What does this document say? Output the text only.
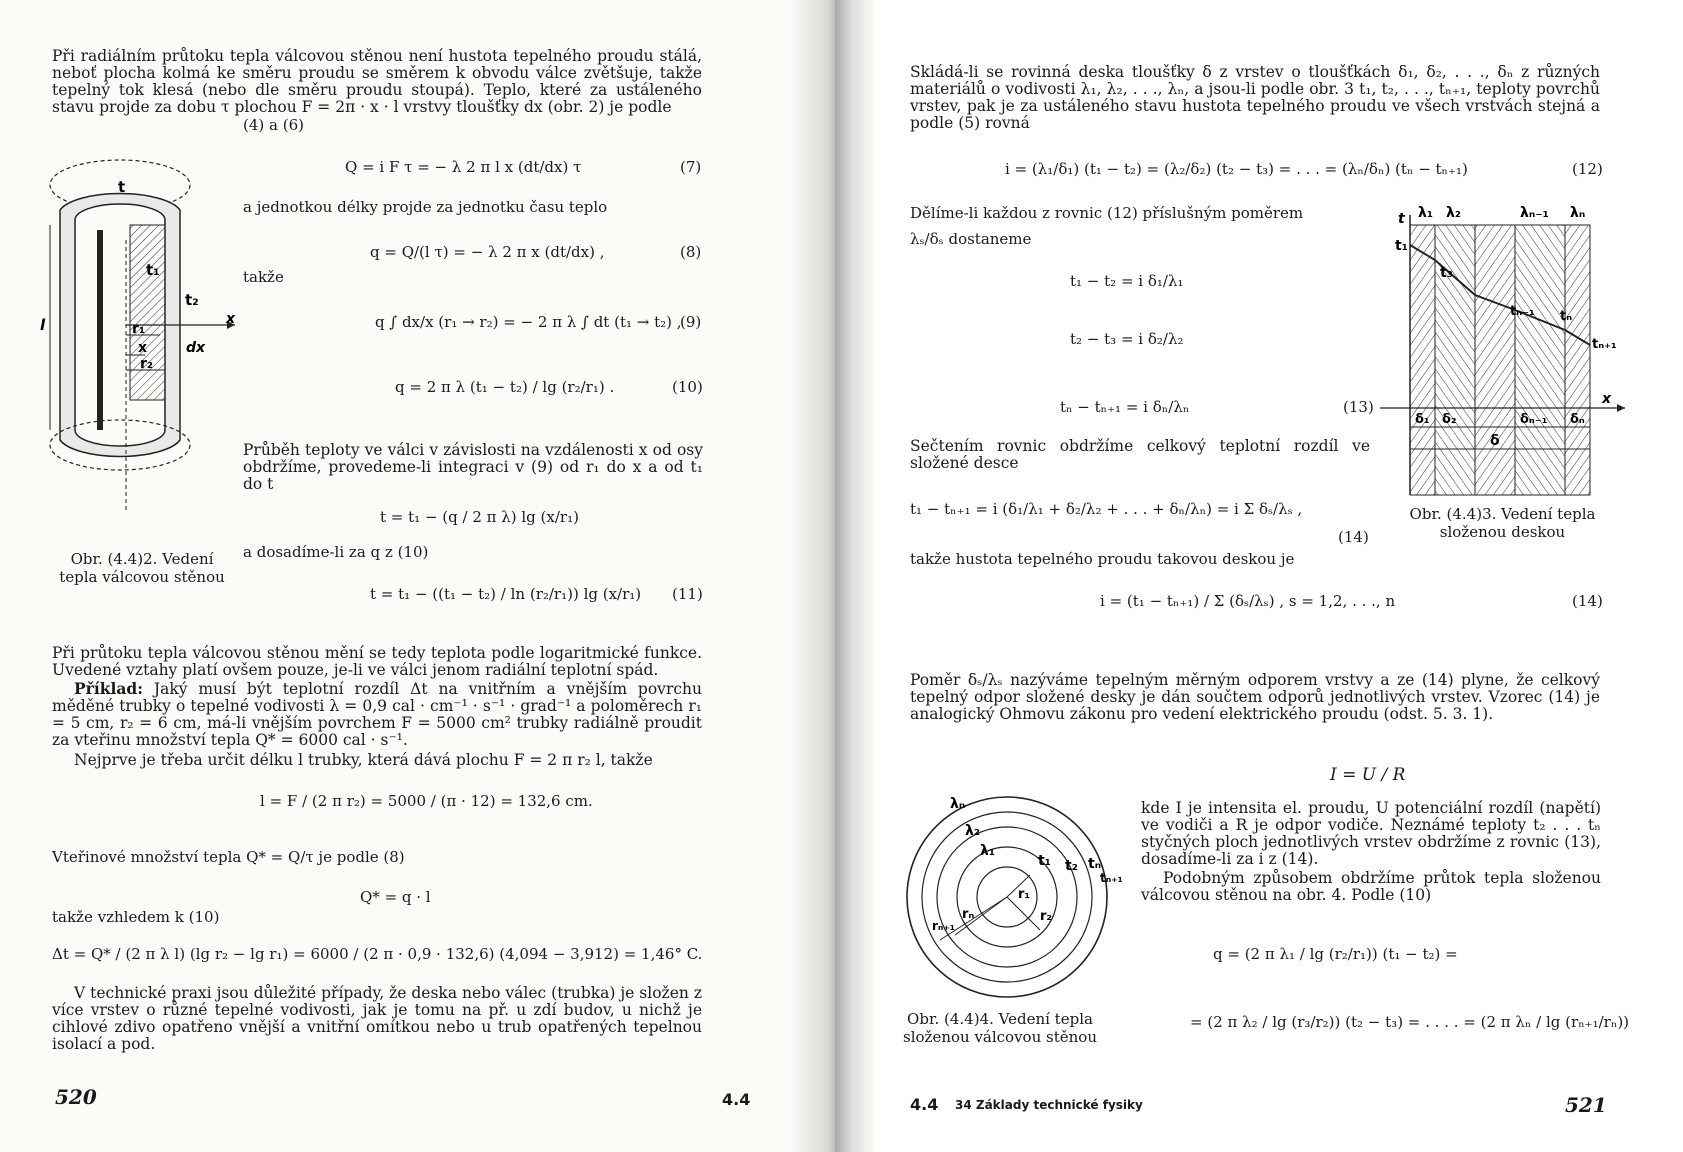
Při radiálním průtoku tepla válcovou stěnou není hustota tepelného proudu stálá, neboť plocha kolmá ke směru proudu se směrem k obvodu válce zvětšuje, takže tepelný tok klesá (nebo dle směru proudu stoupá). Teplo, které za ustáleného stavu projde za dobu τ plochou F = 2π · x · l vrstvy tloušťky dx (obr. 2) je podle

(4) a (6)

t
t₁
t₂
r₁
x
x	dx
r₂
l
Q = i F τ = − λ 2 π l x (dt/dx) τ	(7)

a jednotkou délky projde za jednotku času teplo

q = Q/(l τ) = − λ 2 π x (dt/dx) ,	(8)

takže

q ∫ dx/x (r₁ → r₂) = − 2 π λ ∫ dt (t₁ → t₂) ,
(9)
q = 2 π λ (t₁ − t₂) / lg (r₂/r₁) .	(10)

Průběh teploty ve válci v závislosti na vzdálenosti x od osy obdržíme, provedeme-li integraci v (9) od r₁ do x a od t₁ do t

t = t₁ − (q / 2 π λ) lg (x/r₁)

a dosadíme-li za q z (10)

t = t₁ − ((t₁ − t₂) / ln (r₂/r₁)) lg (x/r₁) (11)

Obr. (4.4)2. Vedení tepla válcovou stěnou

Při průtoku tepla válcovou stěnou mění se tedy teplota podle logaritmické funkce. Uvedené vztahy platí ovšem pouze, je-li ve válci jenom radiální teplotní spád.

Příklad: Jaký musí být teplotní rozdíl Δt na vnitřním a vnějším povrchu měděné trubky o tepelné vodivosti λ = 0,9 cal · cm⁻¹ · s⁻¹ · grad⁻¹ a poloměrech r₁ = 5 cm, r₂ = 6 cm, má-li vnějším povrchem F = 5000 cm² trubky radiálně proudit za vteřinu množství tepla Q* = 6000 cal · s⁻¹.

Nejprve je třeba určit délku l trubky, která dává plochu F = 2 π r₂ l, takže

l = F / (2 π r₂) = 5000 / (π · 12) = 132,6 cm.

Vteřinové množství tepla Q* = Q/τ je podle (8)

Q* = q · l

takže vzhledem k (10)

Δt = Q* / (2 π λ l) (lg r₂ − lg r₁) = 6000 / (2 π · 0,9 · 132,6) (4,094 − 3,912) = 1,46° C.

V technické praxi jsou důležité případy, že deska nebo válec (trubka) je složen z více vrstev o různé tepelné vodivosti, jak je tomu na př. u zdí budov, u nichž je cihlové zdivo opatřeno vnější a vnitřní omítkou nebo u trub opatřených tepelnou isolací a pod.

520	4.4

Skládá-li se rovinná deska tloušťky δ z vrstev o tloušťkách δ₁, δ₂, . . ., δₙ z různých materiálů o vodivosti λ₁, λ₂, . . ., λₙ, a jsou-li podle obr. 3 t₁, t₂, . . ., tₙ₊₁, teploty povrchů vrstev, pak je za ustáleného stavu hustota tepelného proudu ve všech vrstvách stejná a podle (5) rovná

i = (λ₁/δ₁) (t₁ − t₂) = (λ₂/δ₂) (t₂ − t₃) = . . . = (λₙ/δₙ) (tₙ − tₙ₊₁)	(12)

Dělíme-li každou z rovnic (12) příslušným poměrem

λₛ/δₛ dostaneme

t₁ − t₂ = i δ₁/λ₁
t₂ − t₃ = i δ₂/λ₂
tₙ − tₙ₊₁ = i δₙ/λₙ	(13)

Sečtením rovnic obdržíme celkový teplotní rozdíl ve složené desce

t₁ − tₙ₊₁ = i (δ₁/λ₁ + δ₂/λ₂ + . . . + δₙ/λₙ) = i Σ δₛ/λₛ ,
(14)

takže hustota tepelného proudu takovou deskou je

i = (t₁ − tₙ₊₁) / Σ (δₛ/λₛ) , s = 1,2, . . ., n	(14)
λ₁ λ₂	λₙ₋₁ λₙ
t
t₁
t₃
tₙ₋₁ tₙ
tₙ₊₁
x
δ₁ δ₂	δₙ₋₁ δₙ
δ

Obr. (4.4)3. Vedení tepla složenou deskou

Poměr δₛ/λₛ nazýváme tepelným měrným odporem vrstvy a ze (14) plyne, že celkový tepelný odpor složené desky je dán součtem odporů jednotlivých vrstev. Vzorec (14) je analogický Ohmovu zákonu pro vedení elektrického proudu (odst. 5. 3. 1).

I = U / R
λₙ
λ₂
λ₁
t₁ t₂ tₙ
tₙ₊₁
r₁
r₂
rₙ
rₙ₊₁

kde I je intensita el. proudu, U potenciální rozdíl (napětí) ve vodiči a R je odpor vodiče. Neznámé teploty t₂ . . . tₙ styčných ploch jednotlivých vrstev obdržíme z rovnic (13), dosadíme-li za i z (14).

Podobným způsobem obdržíme průtok tepla složenou válcovou stěnou na obr. 4. Podle (10)

q = (2 π λ₁ / lg (r₂/r₁)) (t₁ − t₂) =
= (2 π λ₂ / lg (r₃/r₂)) (t₂ − t₃) = . . . . = (2 π λₙ / lg (rₙ₊₁/rₙ))

Obr. (4.4)4. Vedení tepla složenou válcovou stěnou

4.4 34 Základy technické fysiky	521
